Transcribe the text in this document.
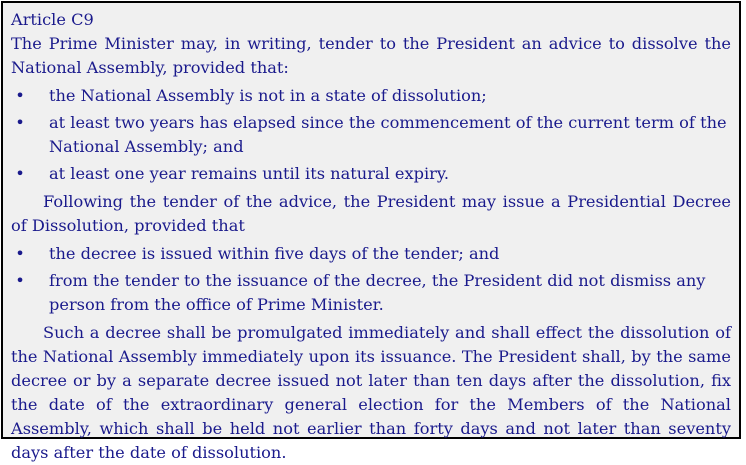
Article C9

The Prime Minister may, in writing, tender to the President an advice to dissolve the National Assembly, provided that:

• the National Assembly is not in a state of dissolution;
• at least two years has elapsed since the commencement of the current term of the National Assembly; and
• at least one year remains until its natural expiry.

Following the tender of the advice, the President may issue a Presidential Decree of Dissolution, provided that

• the decree is issued within five days of the tender; and
• from the tender to the issuance of the decree, the President did not dismiss any person from the office of Prime Minister.

Such a decree shall be promulgated immediately and shall effect the dissolution of the National Assembly immediately upon its issuance. The President shall, by the same decree or by a separate decree issued not later than ten days after the dissolution, fix the date of the extraordinary general election for the Members of the National Assembly, which shall be held not earlier than forty days and not later than seventy days after the date of dissolution.
